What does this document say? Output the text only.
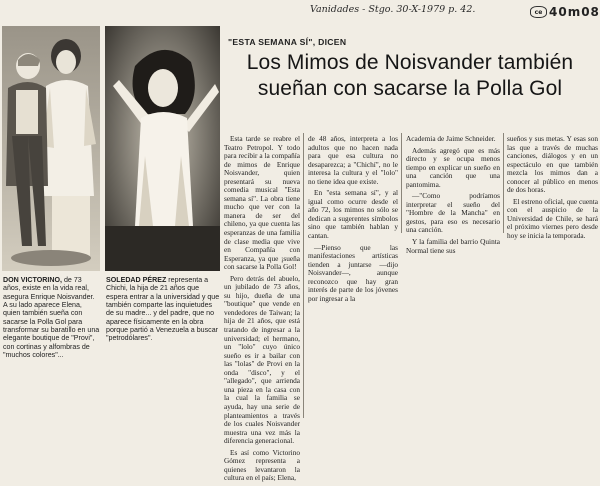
Vanidades - Stgo. 30-X-1979 p. 42.	ce 40m08

DON VICTORINO, de 73 años, existe en la vida real, asegura Enrique Noisvander. A su lado aparece Elena, quien también sueña con sacarse la Polla Gol para transformar su baratillo en una elegante boutique de "Provi", con cortinas y alfombras de "muchos colores"...

SOLEDAD PÉREZ representa a Chichi, la hija de 21 años que espera entrar a la universidad y que también comparte las inquietudes de su madre... y del padre, que no aparece físicamente en la obra porque partió a Venezuela a buscar "petrodólares".

"ESTA SEMANA SÍ", DICEN

Los Mimos de Noisvander también

sueñan con sacarse la Polla Gol

Esta tarde se reabre el Teatro Petropol. Y todo para recibir a la compañía de mimos de Enrique Noisvander, quien presentará su nueva comedia musical "Esta semana sí". La obra tiene mucho que ver con la manera de ser del chileno, ya que cuenta las esperanzas de una familia de clase media que vive en Compañía con Esperanza, ya que ¡sueña con sacarse la Polla Gol!

Pero detrás del abuelo, un jubilado de 73 años, su hijo, dueña de una "boutique" que vende en vendedores de Taiwan; la hija de 21 años, que está tratando de ingresar a la universidad; el hermano, un "lolo" cuyo único sueño es ir a bailar con las "lolas" de Provi en la onda "disco", y el "allegado", que arrienda una pieza en la casa con la cual la familia se ayuda, hay una serie de planteamientos a través de los cuales Noisvander muestra una vez más la diferencia generacional.

Es así como Victorino Gómez representa a quienes levantaron la cultura en el país; Elena,

de 48 años, interpreta a los adultos que no hacen nada para que esa cultura no desaparezca; a "Chichí", no le interesa la cultura y el "lolo" no tiene idea que existe.

En "esta semana sí", y al igual como ocurre desde el año 72, los mimos no sólo se dedican a sugerentes símbolos sino que también hablan y cantan.

—Pienso que las manifestaciones artísticas tienden a juntarse —dijo Noisvander—, aunque reconozco que hay gran interés de parte de los jóvenes por ingresar a la

Academia de Jaime Schneider.

Además agregó que es más directo y se ocupa menos tiempo en explicar un sueño en una canción que una pantomima.

—"Como podríamos interpretar el sueño del "Hombre de la Mancha" en gestos, para eso es necesario una canción.

Y la familia del barrio Quinta Normal tiene sus

sueños y sus metas. Y esas son las que a través de muchas canciones, diálogos y en un espectáculo en que también mezcla los mimos dan a conocer al público en menos de dos horas.

El estreno oficial, que cuenta con el auspicio de la Universidad de Chile, se hará el próximo viernes pero desde hoy se inicia la temporada.
